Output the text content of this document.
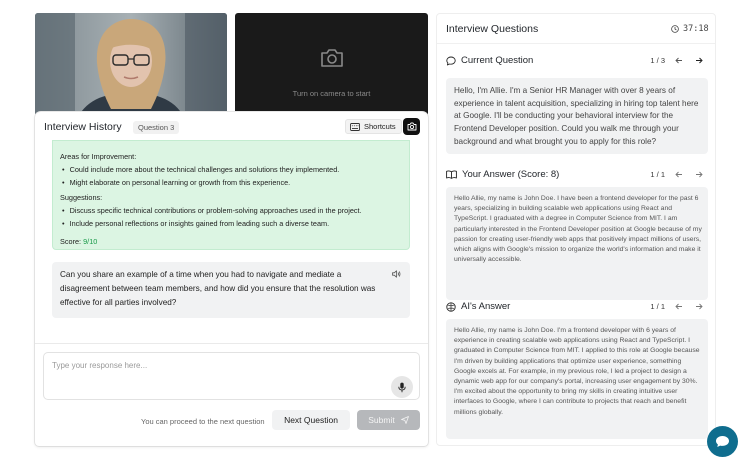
Turn on camera to start
Interview History	Question 3	Shortcuts
Areas for Improvement:
• Could include more about the technical challenges and solutions they implemented.
• Might elaborate on personal learning or growth from this experience.
Suggestions:
• Discuss specific technical contributions or problem-solving approaches used in the project.
• Include personal reflections or insights gained from leading such a diverse team.
Score: 9/10
Can you share an example of a time when you had to navigate and mediate a disagreement between team members, and how did you ensure that the resolution was effective for all parties involved?
Type your response here...
You can proceed to the next question	Next Question	Submit
Interview Questions	37:18
Current Question	1 / 3
Hello, I'm Allie. I'm a Senior HR Manager with over 8 years of experience in talent acquisition, specializing in hiring top talent here at Google. I'll be conducting your behavioral interview for the Frontend Developer position. Could you walk me through your background and what brought you to apply for this role?
Your Answer (Score: 8)	1 / 1
Hello Allie, my name is John Doe. I have been a frontend developer for the past 6 years, specializing in building scalable web applications using React and TypeScript. I graduated with a degree in Computer Science from MIT. I am particularly interested in the Frontend Developer position at Google because of my passion for creating user-friendly web apps that positively impact millions of users, which aligns with Google's mission to organize the world's information and make it universally accessible.
AI's Answer	1 / 1
Hello Allie, my name is John Doe. I'm a frontend developer with 6 years of experience in creating scalable web applications using React and TypeScript. I graduated in Computer Science from MIT. I applied to this role at Google because I'm driven by building applications that optimize user experience, something Google excels at. For example, in my previous role, I led a project to design a dynamic web app for our company's portal, increasing user engagement by 30%. I'm excited about the opportunity to bring my skills in creating intuitive user interfaces to Google, where I can contribute to projects that reach and benefit millions globally.
